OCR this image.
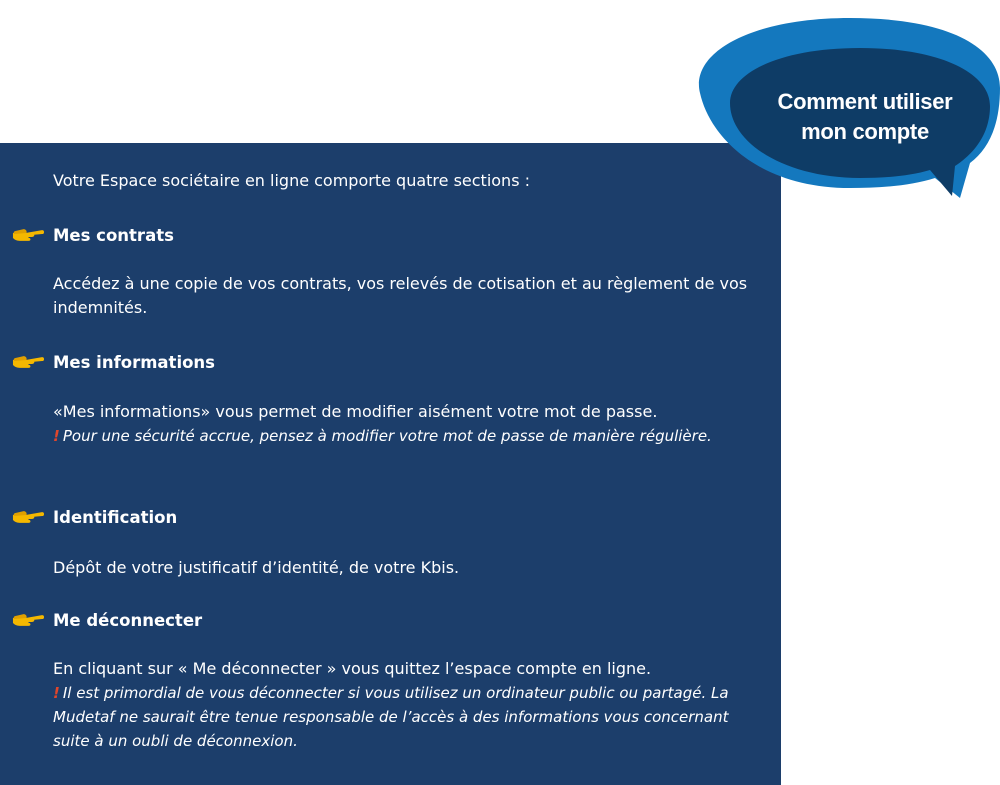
Votre Espace sociétaire en ligne comporte quatre sections :
Mes contrats
Accédez à une copie de vos contrats, vos relevés de cotisation et au règlement de vos indemnités.
Mes informations
«Mes informations» vous permet de modifier aisément votre mot de passe.
! Pour une sécurité accrue, pensez à modifier votre mot de passe de manière régulière.
Identification
Dépôt de votre justificatif d’identité, de votre Kbis.
Me déconnecter
En cliquant sur « Me déconnecter » vous quittez l’espace compte en ligne.
! Il est primordial de vous déconnecter si vous utilisez un ordinateur public ou partagé. La Mudetaf ne saurait être tenue responsable de l’accès à des informations vous concernant suite à un oubli de déconnexion.
Comment utiliser
mon compte
